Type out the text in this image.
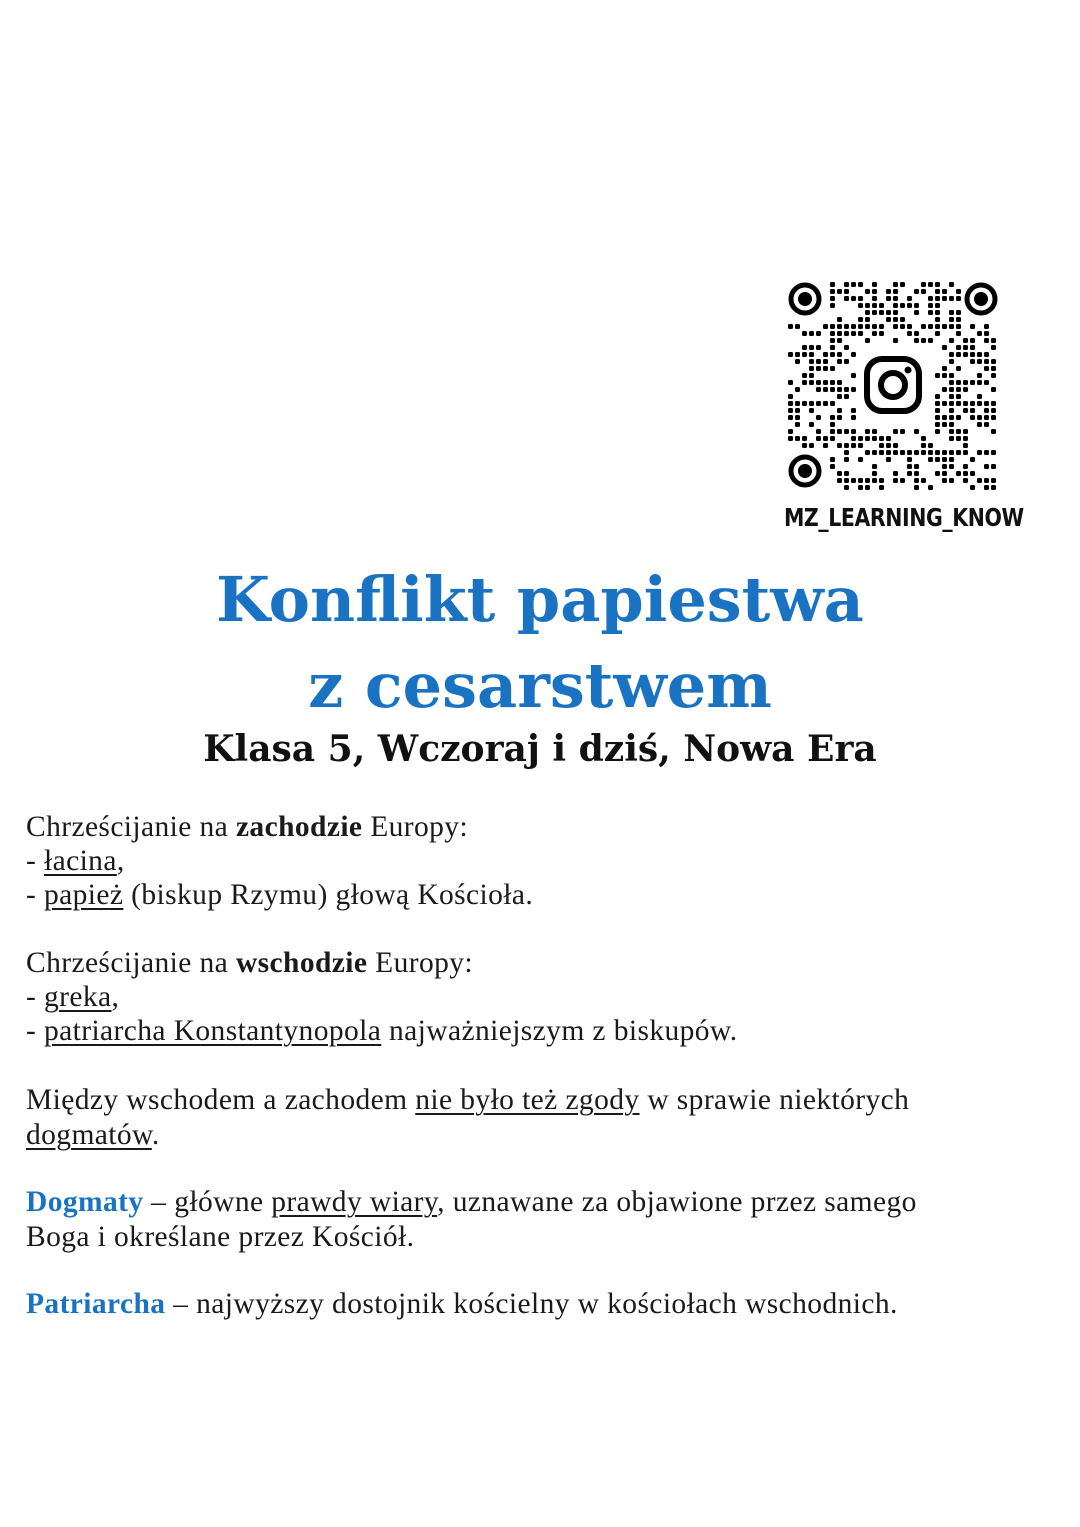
MZ_LEARNING_KNOW
Konflikt papiestwa
z cesarstwem
Klasa 5, Wczoraj i dziś, Nowa Era
Chrześcijanie na zachodzie Europy:
- łacina,
- papież (biskup Rzymu) głową Kościoła.
Chrześcijanie na wschodzie Europy:
- greka,
- patriarcha Konstantynopola najważniejszym z biskupów.
Między wschodem a zachodem nie było też zgody w sprawie niektórych
dogmatów.
Dogmaty – główne prawdy wiary, uznawane za objawione przez samego
Boga i określane przez Kościół.
Patriarcha – najwyższy dostojnik kościelny w kościołach wschodnich.
